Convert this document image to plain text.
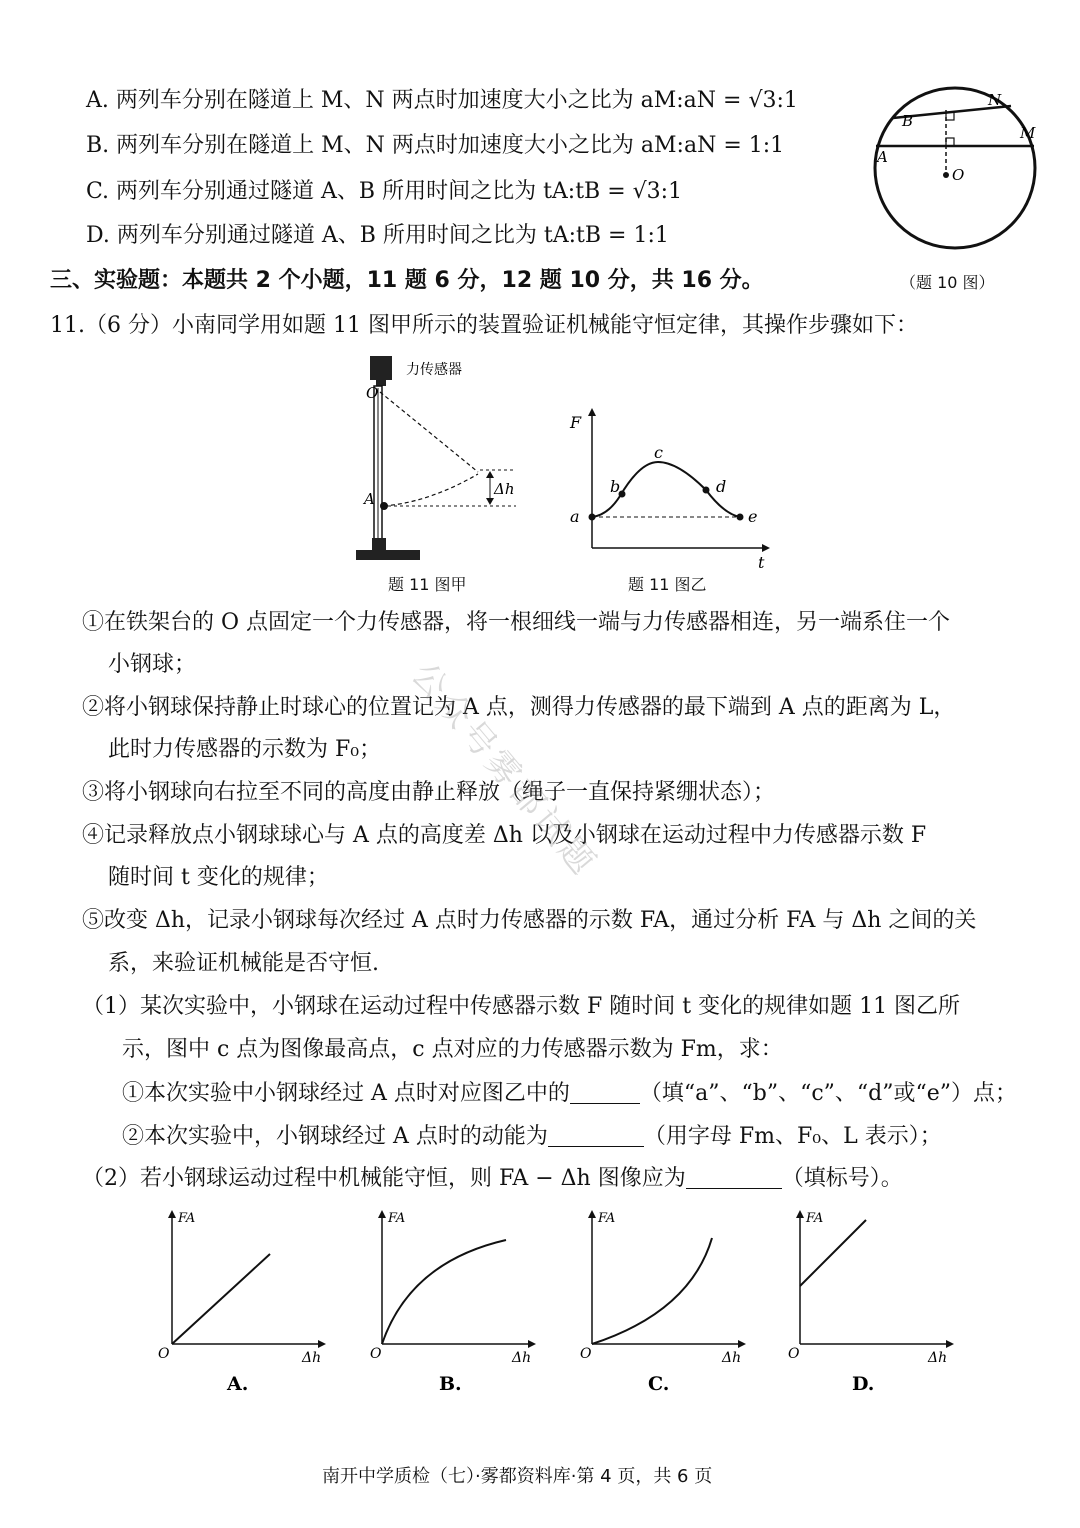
A. 两列车分别在隧道上 M、N 两点时加速度大小之比为 aM:aN = √3:1
B. 两列车分别在隧道上 M、N 两点时加速度大小之比为 aM:aN = 1:1
C. 两列车分别通过隧道 A、B 所用时间之比为 tA:tB = √3:1
D. 两列车分别通过隧道 A、B 所用时间之比为 tA:tB = 1:1
N
M
B
A
O
（题 10 图）
三、实验题：本题共 2 个小题，11 题 6 分，12 题 10 分，共 16 分。
11.（6 分）小南同学用如题 11 图甲所示的装置验证机械能守恒定律，其操作步骤如下：
力传感器
O
A
Δh
题 11 图甲
F
t
a
b
c
d
e
题 11 图乙
①在铁架台的 O 点固定一个力传感器，将一根细线一端与力传感器相连，另一端系住一个
小钢球；
②将小钢球保持静止时球心的位置记为 A 点，测得力传感器的最下端到 A 点的距离为 L，
此时力传感器的示数为 F₀；
③将小钢球向右拉至不同的高度由静止释放（绳子一直保持紧绷状态）；
④记录释放点小钢球球心与 A 点的高度差 Δh 以及小钢球在运动过程中力传感器示数 F
随时间 t 变化的规律；
⑤改变 Δh，记录小钢球每次经过 A 点时力传感器的示数 FA，通过分析 FA 与 Δh 之间的关
系，来验证机械能是否守恒.
（1）某次实验中，小钢球在运动过程中传感器示数 F 随时间 t 变化的规律如题 11 图乙所
示，图中 c 点为图像最高点，c 点对应的力传感器示数为 Fm，求：
①本次实验中小钢球经过 A 点时对应图乙中的	（填“a”、“b”、“c”、“d”或“e”）点；
②本次实验中，小钢球经过 A 点时的动能为	（用字母 Fm、F₀、L 表示）；
（2）若小钢球运动过程中机械能守恒，则 FA − Δh 图像应为	（填标号）。
FA
O	Δh
A.
FA
O	Δh
B.
FA
O	Δh
C.
FA
O	Δh
D.
公众号雾都试题
南开中学质检（七）·雾都资料库·第 4 页，共 6 页
